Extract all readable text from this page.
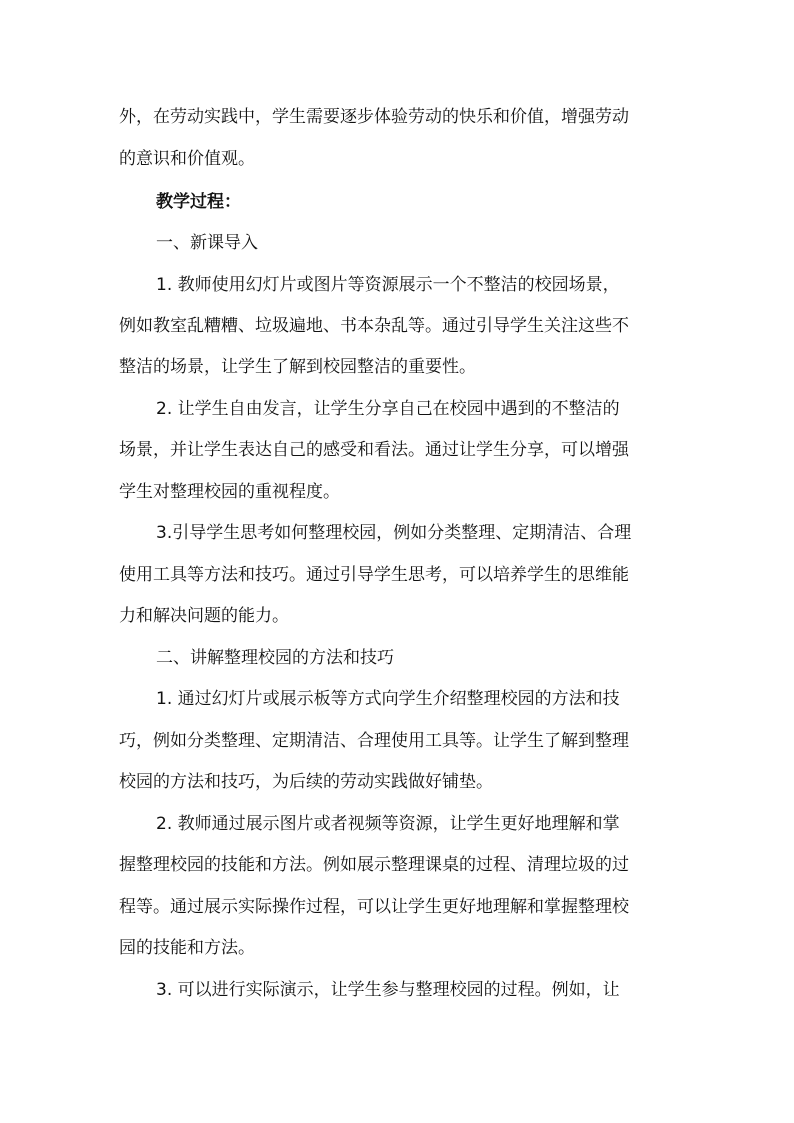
外，在劳动实践中，学生需要逐步体验劳动的快乐和价值，增强劳动
的意识和价值观。
教学过程：
一、新课导入
1. 教师使用幻灯片或图片等资源展示一个不整洁的校园场景，
例如教室乱糟糟、垃圾遍地、书本杂乱等。通过引导学生关注这些不
整洁的场景，让学生了解到校园整洁的重要性。
2. 让学生自由发言，让学生分享自己在校园中遇到的不整洁的
场景，并让学生表达自己的感受和看法。通过让学生分享，可以增强
学生对整理校园的重视程度。
3.引导学生思考如何整理校园，例如分类整理、定期清洁、合理
使用工具等方法和技巧。通过引导学生思考，可以培养学生的思维能
力和解决问题的能力。
二、讲解整理校园的方法和技巧
1. 通过幻灯片或展示板等方式向学生介绍整理校园的方法和技
巧，例如分类整理、定期清洁、合理使用工具等。让学生了解到整理
校园的方法和技巧，为后续的劳动实践做好铺垫。
2. 教师通过展示图片或者视频等资源，让学生更好地理解和掌
握整理校园的技能和方法。例如展示整理课桌的过程、清理垃圾的过
程等。通过展示实际操作过程，可以让学生更好地理解和掌握整理校
园的技能和方法。
3. 可以进行实际演示，让学生参与整理校园的过程。例如，让
